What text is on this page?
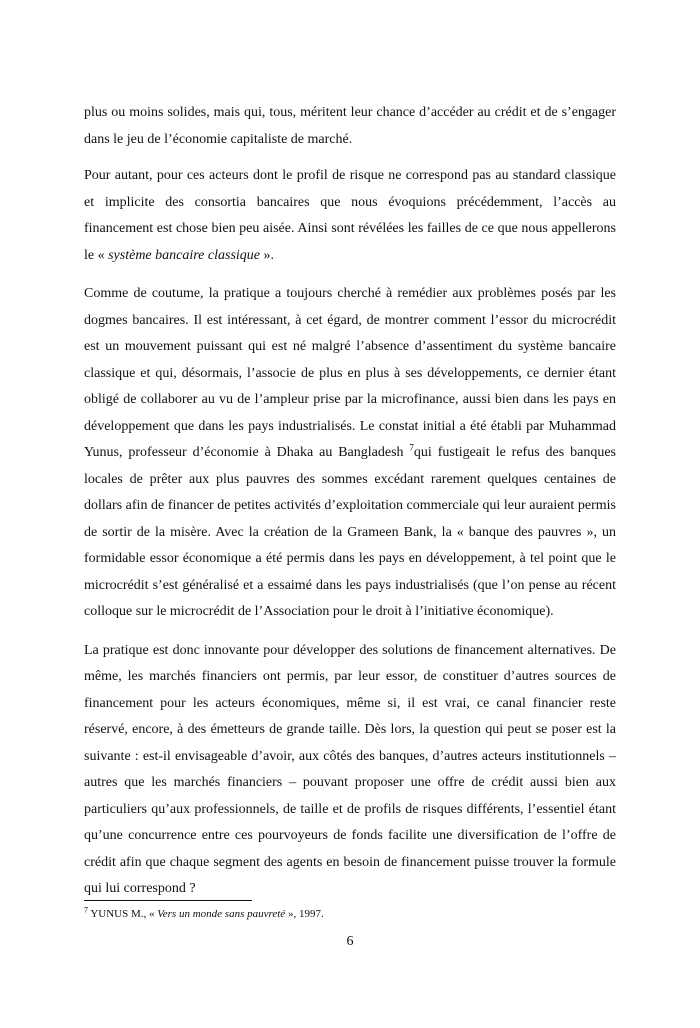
plus ou moins solides, mais qui, tous, méritent leur chance d’accéder au crédit et de s’engager dans le jeu de l’économie capitaliste de marché.

Pour autant, pour ces acteurs dont le profil de risque ne correspond pas au standard classique et implicite des consortia bancaires que nous évoquions précédemment, l’accès au financement est chose bien peu aisée. Ainsi sont révélées les failles de ce que nous appellerons le « système bancaire classique ».

Comme de coutume, la pratique a toujours cherché à remédier aux problèmes posés par les dogmes bancaires. Il est intéressant, à cet égard, de montrer comment l’essor du microcrédit est un mouvement puissant qui est né malgré l’absence d’assentiment du système bancaire classique et qui, désormais, l’associe de plus en plus à ses développements, ce dernier étant obligé de collaborer au vu de l’ampleur prise par la microfinance, aussi bien dans les pays en développement que dans les pays industrialisés. Le constat initial a été établi par Muhammad Yunus, professeur d’économie à Dhaka au Bangladesh $^7$qui fustigeait le refus des banques locales de prêter aux plus pauvres des sommes excédant rarement quelques centaines de dollars afin de financer de petites activités d’exploitation commerciale qui leur auraient permis de sortir de la misère. Avec la création de la Grameen Bank, la « banque des pauvres », un formidable essor économique a été permis dans les pays en développement, à tel point que le microcrédit s’est généralisé et a essaimé dans les pays industrialisés (que l’on pense au récent colloque sur le microcrédit de l’Association pour le droit à l’initiative économique).

La pratique est donc innovante pour développer des solutions de financement alternatives. De même, les marchés financiers ont permis, par leur essor, de constituer d’autres sources de financement pour les acteurs économiques, même si, il est vrai, ce canal financier reste réservé, encore, à des émetteurs de grande taille. Dès lors, la question qui peut se poser est la suivante : est-il envisageable d’avoir, aux côtés des banques, d’autres acteurs institutionnels – autres que les marchés financiers – pouvant proposer une offre de crédit aussi bien aux particuliers qu’aux professionnels, de taille et de profils de risques différents, l’essentiel étant qu’une concurrence entre ces pourvoyeurs de fonds facilite une diversification de l’offre de crédit afin que chaque segment des agents en besoin de financement puisse trouver la formule qui lui correspond ?

$^7$ YUNUS M., « Vers un monde sans pauvreté », 1997.
6
